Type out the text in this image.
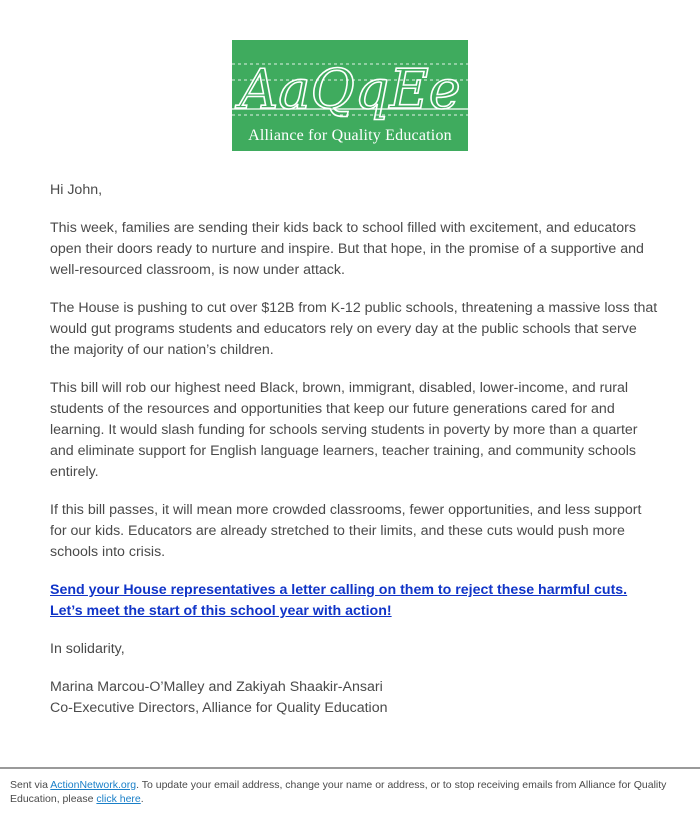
AaQqEe
Alliance for Quality Education

Hi John,

This week, families are sending their kids back to school filled with excitement, and educators open their doors ready to nurture and inspire. But that hope, in the promise of a supportive and well-resourced classroom, is now under attack.

The House is pushing to cut over $12B from K-12 public schools, threatening a massive loss that would gut programs students and educators rely on every day at the public schools that serve the majority of our nation’s children.

This bill will rob our highest need Black, brown, immigrant, disabled, lower-income, and rural students of the resources and opportunities that keep our future generations cared for and learning. It would slash funding for schools serving students in poverty by more than a quarter and eliminate support for English language learners, teacher training, and community schools entirely.

If this bill passes, it will mean more crowded classrooms, fewer opportunities, and less support for our kids. Educators are already stretched to their limits, and these cuts would push more schools into crisis.

Send your House representatives a letter calling on them to reject these harmful cuts.
Let’s meet the start of this school year with action!

In solidarity,

Marina Marcou-O’Malley and Zakiyah Shaakir-Ansari
Co-Executive Directors, Alliance for Quality Education

Sent via ActionNetwork.org. To update your email address, change your name or address, or to stop receiving emails from Alliance for Quality Education, please click here.
